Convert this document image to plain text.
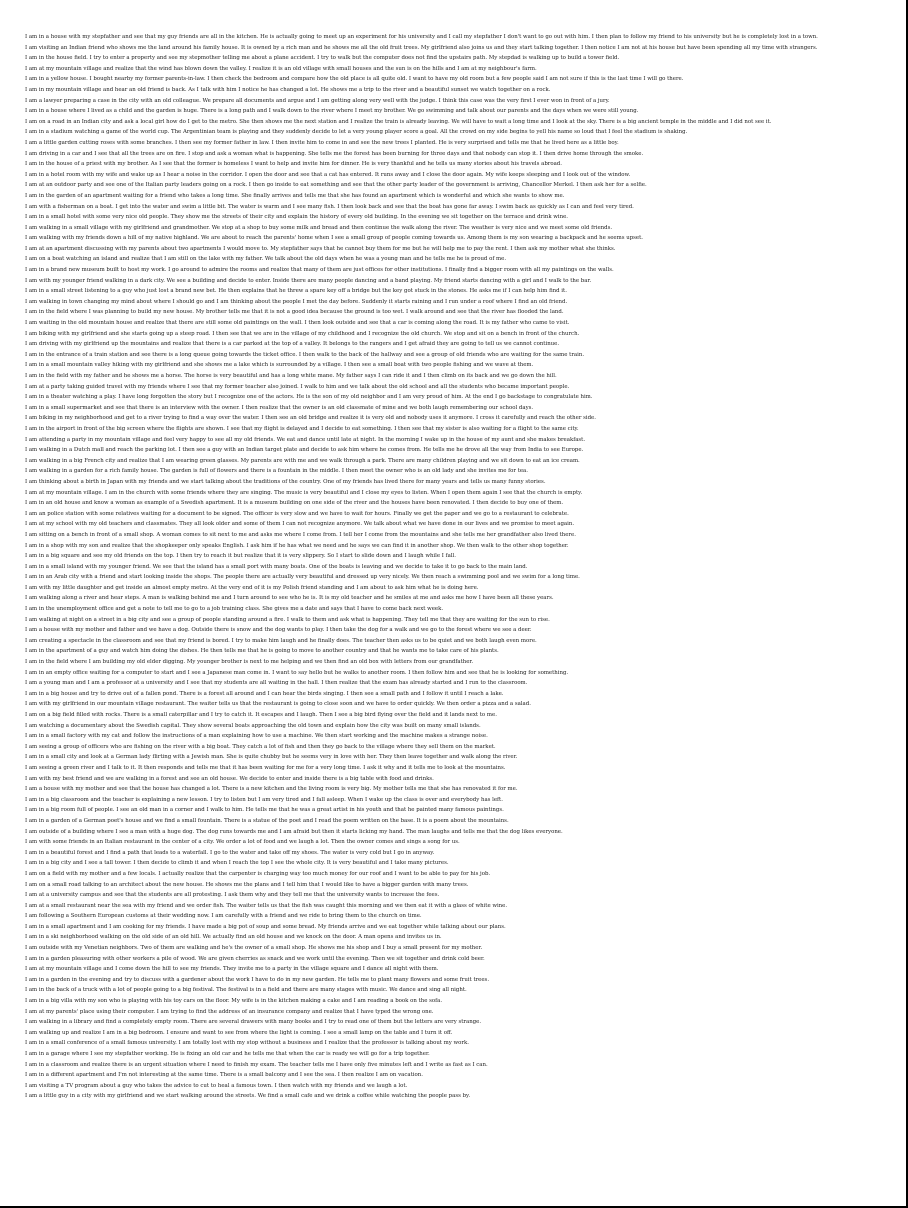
I am in a house with my stepfather and see that my guy friends are all in the kitchen. He is actually going to meet up an experiment for his university and I call my stepfather I don't want to go out with him. I then plan to follow my friend to his university but he is completely lost in a town.
I am visiting an Indian friend who shows me the land around his family house. It is owned by a rich man and he shows me all the old fruit trees. My girlfriend also joins us and they start talking together. I then notice I am not at his house but have been spending all my time with strangers.
I am in the house field. I try to enter a property and see my stepmother telling me about a plane accident. I try to walk but the computer does not find the upstairs path. My stepdad is walking up to build a tower field.
I am at my mountain village and realize that the wind has blown down the valley. I realize it is an old village with small houses and the sun is on the hills and I am at my neighbour's farm.
I am in a yellow house. I bought nearby my former parents-in-law. I then check the bedroom and compare how the old place is all quite old. I want to have my old room but a few people said I am not sure if this is the last time I will go there.
I am in my mountain village and hear an old friend is back. As I talk with him I notice he has changed a lot. He shows me a trip to the river and a beautiful sunset we watch together on a rock.
I am a lawyer preparing a case in the city with an old colleague. We prepare all documents and argue and I am getting along very well with the judge. I think this case was the very first I ever won in front of a jury.
I am in a house where I lived as a child and the garden is huge. There is a long path and I walk down to the river where I meet my brother. We go swimming and talk about our parents and the days when we were still young.
I am on a road in an Indian city and ask a local girl how do I get to the metro. She then shows me the next station and I realize the train is already leaving. We will have to wait a long time and I look at the sky. There is a big ancient temple in the middle and I did not see it.
I am in a stadium watching a game of the world cup. The Argentinian team is playing and they suddenly decide to let a very young player score a goal. All the crowd on my side begins to yell his name so loud that I feel the stadium is shaking.
I am a little garden cutting roses with some branches. I then see my former father in law. I then invite him to come in and see the new trees I planted. He is very surprised and tells me that he lived here as a little boy.
I am driving in a car and I see that all the trees are on fire. I stop and ask a woman what is happening. She tells me the forest has been burning for three days and that nobody can stop it. I then drive home through the smoke.
I am in the house of a priest with my brother. As I see that the former is homeless I want to help and invite him for dinner. He is very thankful and he tells us many stories about his travels abroad.
I am in a hotel room with my wife and wake up as I hear a noise in the corridor. I open the door and see that a cat has entered. It runs away and I close the door again. My wife keeps sleeping and I look out of the window.
I am at an outdoor party and see one of the Italian party leaders going on a rock. I then go inside to eat something and see that the other party leader of the government is arriving, Chancellor Merkel. I then ask her for a selfie.
I am in the garden of an apartment waiting for a friend who takes a long time. She finally arrives and tells me that she has found an apartment which is wonderful and which she wants to show me.
I am with a fisherman on a boat. I get into the water and swim a little bit. The water is warm and I see many fish. I then look back and see that the boat has gone far away. I swim back as quickly as I can and feel very tired.
I am in a small hotel with some very nice old people. They show me the streets of their city and explain the history of every old building. In the evening we sit together on the terrace and drink wine.
I am walking in a small village with my girlfriend and grandmother. We stop at a shop to buy some milk and bread and then continue the walk along the river. The weather is very nice and we meet some old friends.
I am walking with my friends down a hill of my native highland. We are about to reach the parents' home when I see a small group of people coming towards us. Among them is my son wearing a backpack and he seems upset.
I am at an apartment discussing with my parents about two apartments I would move to. My stepfather says that he cannot buy them for me but he will help me to pay the rent. I then ask my mother what she thinks.
I am on a boat watching an island and realize that I am still on the lake with my father. We talk about the old days when he was a young man and he tells me he is proud of me.
I am in a brand new museum built to host my work. I go around to admire the rooms and realize that many of them are just offices for other institutions. I finally find a bigger room with all my paintings on the walls.
I am with my younger friend walking in a dark city. We see a building and decide to enter. Inside there are many people dancing and a band playing. My friend starts dancing with a girl and I walk to the bar.
I am in a small street listening to a guy who just lost a brand new bet. He then explains that he threw a spare key off a bridge but the key got stuck in the stones. He asks me if I can help him find it.
I am walking in town changing my mind about where I should go and I am thinking about the people I met the day before. Suddenly it starts raining and I run under a roof where I find an old friend.
I am in the field where I was planning to build my new house. My brother tells me that it is not a good idea because the ground is too wet. I walk around and see that the river has flooded the land.
I am waiting in the old mountain house and realize that there are still some old paintings on the wall. I then look outside and see that a car is coming along the road. It is my father who came to visit.
I am biking with my girlfriend and she starts going up a steep road. I then see that we are in the village of my childhood and I recognize the old church. We stop and sit on a bench in front of the church.
I am driving with my girlfriend up the mountains and realize that there is a car parked at the top of a valley. It belongs to the rangers and I get afraid they are going to tell us we cannot continue.
I am in the entrance of a train station and see there is a long queue going towards the ticket office. I then walk to the back of the hallway and see a group of old friends who are waiting for the same train.
I am in a small mountain valley hiking with my girlfriend and she shows me a lake which is surrounded by a village. I then see a small boat with two people fishing and we wave at them.
I am in the field with my father and he shows me a horse. The horse is very beautiful and has a long white mane. My father says I can ride it and I then climb on its back and we go down the hill.
I am at a party taking guided travel with my friends where I see that my former teacher also joined. I walk to him and we talk about the old school and all the students who became important people.
I am in a theater watching a play. I have long forgotten the story but I recognize one of the actors. He is the son of my old neighbor and I am very proud of him. At the end I go backstage to congratulate him.
I am in a small supermarket and see that there is an interview with the owner. I then realize that the owner is an old classmate of mine and we both laugh remembering our school days.
I am biking in my neighborhood and get to a river trying to find a way over the water. I then see an old bridge and realize it is very old and nobody uses it anymore. I cross it carefully and reach the other side.
I am in the airport in front of the big screen where the flights are shown. I see that my flight is delayed and I decide to eat something. I then see that my sister is also waiting for a flight to the same city.
I am attending a party in my mountain village and feel very happy to see all my old friends. We eat and dance until late at night. In the morning I wake up in the house of my aunt and she makes breakfast.
I am walking in a Dutch mall and reach the parking lot. I then see a guy with an Indian target plate and decide to ask him where he comes from. He tells me he drove all the way from India to see Europe.
I am walking in a big French city and realize that I am wearing green glasses. My parents are with me and we walk through a park. There are many children playing and we sit down to eat an ice cream.
I am walking in a garden for a rich family house. The garden is full of flowers and there is a fountain in the middle. I then meet the owner who is an old lady and she invites me for tea.
I am thinking about a birth in Japan with my friends and we start talking about the traditions of the country. One of my friends has lived there for many years and tells us many funny stories.
I am at my mountain village. I am in the church with some friends where they are singing. The music is very beautiful and I close my eyes to listen. When I open them again I see that the church is empty.
I am in an old house and know a woman as example of a Swedish apartment. It is a museum building on one side of the river and the houses have been renovated. I then decide to buy one of them.
I am an police station with some relatives waiting for a document to be signed. The officer is very slow and we have to wait for hours. Finally we get the paper and we go to a restaurant to celebrate.
I am at my school with my old teachers and classmates. They all look older and some of them I can not recognize anymore. We talk about what we have done in our lives and we promise to meet again.
I am sitting on a bench in front of a small shop. A woman comes to sit next to me and asks me where I come from. I tell her I come from the mountains and she tells me her grandfather also lived there.
I am in a shop with my son and realize that the shopkeeper only speaks English. I ask him if he has what we need and he says we can find it in another shop. We then walk to the other shop together.
I am in a big square and see my old friends on the top. I then try to reach it but realize that it is very slippery. So I start to slide down and I laugh while I fall.
I am in a small island with my younger friend. We see that the island has a small port with many boats. One of the boats is leaving and we decide to take it to go back to the main land.
I am in an Arab city with a friend and start looking inside the shops. The people there are actually very beautiful and dressed up very nicely. We then reach a swimming pool and we swim for a long time.
I am with my little daughter and get inside an almost empty metro. At the very end of it is my Polish friend standing and I am about to ask him what he is doing here.
I am walking along a river and hear steps. A man is walking behind me and I turn around to see who he is. It is my old teacher and he smiles at me and asks me how I have been all these years.
I am in the unemployment office and get a note to tell me to go to a job training class. She gives me a date and says that I have to come back next week.
I am walking at night on a street in a big city and see a group of people standing around a fire. I walk to them and ask what is happening. They tell me that they are waiting for the sun to rise.
I am a house with my mother and father and we have a dog. Outside there is snow and the dog wants to play. I then take the dog for a walk and we go to the forest where we see a deer.
I am creating a spectacle in the classroom and see that my friend is bored. I try to make him laugh and he finally does. The teacher then asks us to be quiet and we both laugh even more.
I am in the apartment of a guy and watch him doing the dishes. He then tells me that he is going to move to another country and that he wants me to take care of his plants.
I am in the field where I am building my old elder digging. My younger brother is next to me helping and we then find an old box with letters from our grandfather.
I am in an empty office waiting for a computer to start and I see a Japanese man come in. I want to say hello but he walks to another room. I then follow him and see that he is looking for something.
I am a young man and I am a professor at a university and I see that my students are all waiting in the hall. I then realize that the exam has already started and I run to the classroom.
I am in a big house and try to drive out of a fallen pond. There is a forest all around and I can hear the birds singing. I then see a small path and I follow it until I reach a lake.
I am with my girlfriend in our mountain village restaurant. The waiter tells us that the restaurant is going to close soon and we have to order quickly. We then order a pizza and a salad.
I am on a big field filled with rocks. There is a small caterpillar and I try to catch it. It escapes and I laugh. Then I see a big bird flying over the field and it lands next to me.
I am watching a documentary about the Swedish capital. They show several boats approaching the old town and explain how the city was built on many small islands.
I am in a small factory with my cat and follow the instructions of a man explaining how to use a machine. We then start working and the machine makes a strange noise.
I am seeing a group of officers who are fishing on the river with a big boat. They catch a lot of fish and then they go back to the village where they sell them on the market.
I am in a small city and look at a German lady flirting with a Jewish man. She is quite chubby but he seems very in love with her. They then leave together and walk along the river.
I am seeing a green river and I talk to it. It then responds and tells me that it has been waiting for me for a very long time. I ask it why and it tells me to look at the mountains.
I am with my best friend and we are walking in a forest and see an old house. We decide to enter and inside there is a big table with food and drinks.
I am a house with my mother and see that the house has changed a lot. There is a new kitchen and the living room is very big. My mother tells me that she has renovated it for me.
I am in a big classroom and the teacher is explaining a new lesson. I try to listen but I am very tired and I fall asleep. When I wake up the class is over and everybody has left.
I am in a big room full of people. I see an old man in a corner and I walk to him. He tells me that he was a great artist in his youth and that he painted many famous paintings.
I am in a garden of a German poet's house and we find a small fountain. There is a statue of the poet and I read the poem written on the base. It is a poem about the mountains.
I am outside of a building where I see a man with a huge dog. The dog runs towards me and I am afraid but then it starts licking my hand. The man laughs and tells me that the dog likes everyone.
I am with some friends in an Italian restaurant in the center of a city. We order a lot of food and we laugh a lot. Then the owner comes and sings a song for us.
I am in a beautiful forest and I find a path that leads to a waterfall. I go to the water and take off my shoes. The water is very cold but I go in anyway.
I am in a big city and I see a tall tower. I then decide to climb it and when I reach the top I see the whole city. It is very beautiful and I take many pictures.
I am on a field with my mother and a few locals. I actually realize that the carpenter is charging way too much money for our roof and I want to be able to pay for his job.
I am on a small road talking to an architect about the new house. He shows me the plans and I tell him that I would like to have a bigger garden with many trees.
I am at a university campus and see that the students are all protesting. I ask them why and they tell me that the university wants to increase the fees.
I am at a small restaurant near the sea with my friend and we order fish. The waiter tells us that the fish was caught this morning and we then eat it with a glass of white wine.
I am following a Southern European customs at their wedding now. I am carefully with a friend and we ride to bring them to the church on time.
I am in a small apartment and I am cooking for my friends. I have made a big pot of soup and some bread. My friends arrive and we eat together while talking about our plans.
I am in a ski neighborhood walking on the old side of an old hill. We actually find an old house and we knock on the door. A man opens and invites us in.
I am outside with my Venetian neighbors. Two of them are walking and he's the owner of a small shop. He shows me his shop and I buy a small present for my mother.
I am in a garden pleasuring with other workers a pile of wood. We are given cherries as snack and we work until the evening. Then we sit together and drink cold beer.
I am at my mountain village and I come down the hill to see my friends. They invite me to a party in the village square and I dance all night with them.
I am in a garden in the evening and try to discuss with a gardener about the work I have to do in my new garden. He tells me to plant many flowers and some fruit trees.
I am in the back of a truck with a lot of people going to a big festival. The festival is in a field and there are many stages with music. We dance and sing all night.
I am in a big villa with my son who is playing with his toy cars on the floor. My wife is in the kitchen making a cake and I am reading a book on the sofa.
I am at my parents' place using their computer. I am trying to find the address of an insurance company and realize that I have typed the wrong one.
I am walking in a library and find a completely empty room. There are several drawers with many books and I try to read one of them but the letters are very strange.
I am walking up and realize I am in a big bedroom. I ensure and want to see from where the light is coming. I see a small lamp on the table and I turn it off.
I am in a small conference of a small famous university. I am totally lost with my stop without a business and I realize that the professor is talking about my work.
I am in a garage where I see my stepfather working. He is fixing an old car and he tells me that when the car is ready we will go for a trip together.
I am in a classroom and realize there is an urgent situation where I need to finish my exam. The teacher tells me I have only five minutes left and I write as fast as I can.
I am in a different apartment and I'm not interesting at the same time. There is a small balcony and I see the sea. I then realize I am on vacation.
I am visiting a TV program about a guy who takes the advice to cut to heal a famous town. I then watch with my friends and we laugh a lot.
I am a little guy in a city with my girlfriend and we start walking around the streets. We find a small cafe and we drink a coffee while watching the people pass by.
